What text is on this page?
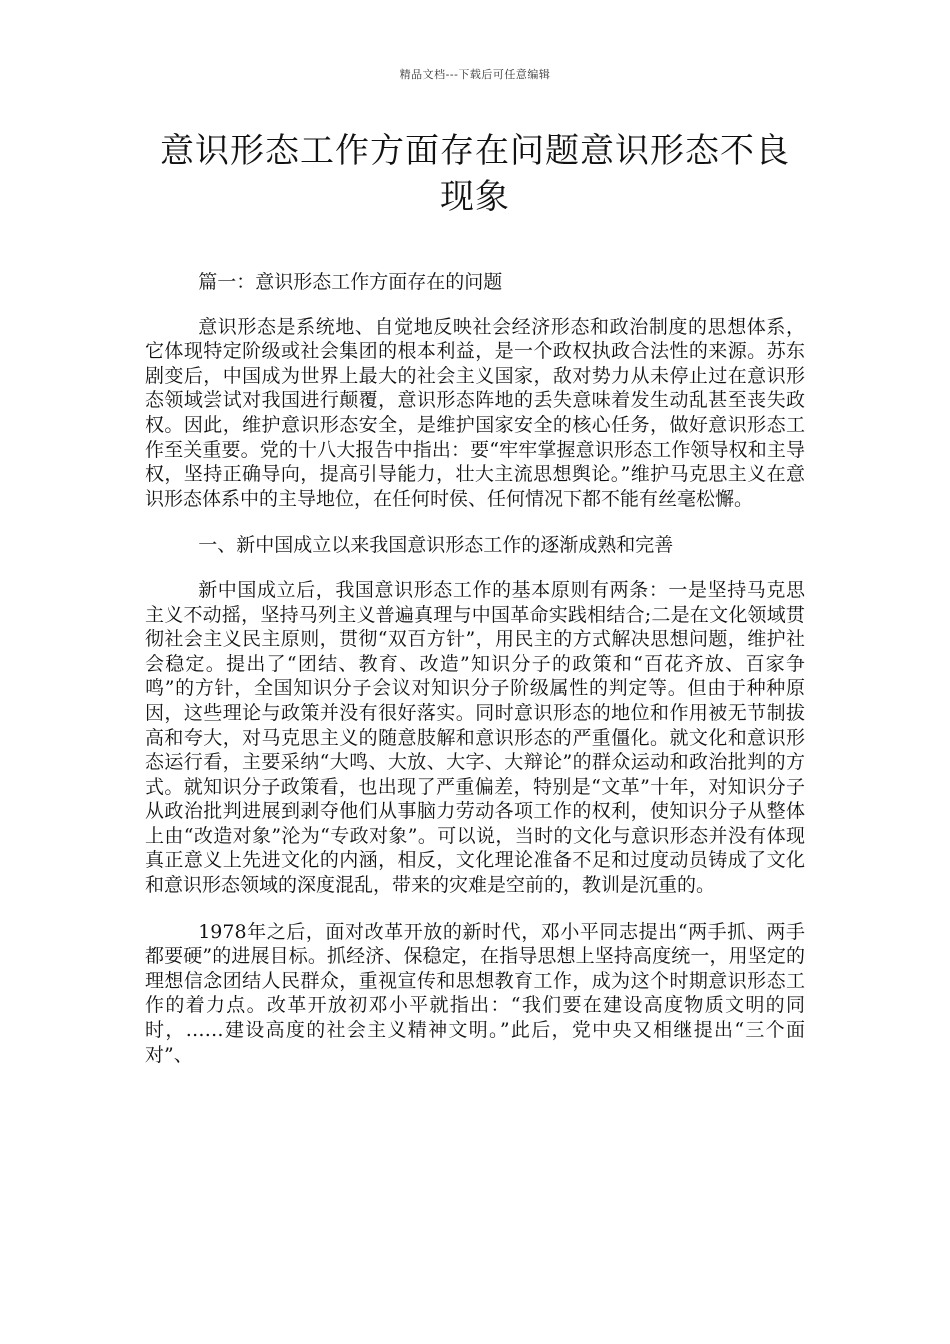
精品文档---下载后可任意编辑
意识形态工作方面存在问题意识形态不良现象

篇一：意识形态工作方面存在的问题

意识形态是系统地、自觉地反映社会经济形态和政治制度的思想体系，它体现特定阶级或社会集团的根本利益，是一个政权执政合法性的来源。苏东剧变后，中国成为世界上最大的社会主义国家，敌对势力从未停止过在意识形态领域尝试对我国进行颠覆，意识形态阵地的丢失意味着发生动乱甚至丧失政权。因此，维护意识形态安全，是维护国家安全的核心任务，做好意识形态工作至关重要。党的十八大报告中指出：要“牢牢掌握意识形态工作领导权和主导权，坚持正确导向，提高引导能力，壮大主流思想舆论。”维护马克思主义在意识形态体系中的主导地位，在任何时侯、任何情况下都不能有丝毫松懈。

一、新中国成立以来我国意识形态工作的逐渐成熟和完善

新中国成立后，我国意识形态工作的基本原则有两条：一是坚持马克思主义不动摇，坚持马列主义普遍真理与中国革命实践相结合;二是在文化领域贯彻社会主义民主原则，贯彻“双百方针”，用民主的方式解决思想问题，维护社会稳定。提出了“团结、教育、改造”知识分子的政策和“百花齐放、百家争鸣”的方针，全国知识分子会议对知识分子阶级属性的判定等。但由于种种原因，这些理论与政策并没有很好落实。同时意识形态的地位和作用被无节制拔高和夸大，对马克思主义的随意肢解和意识形态的严重僵化。就文化和意识形态运行看，主要采纳“大鸣、大放、大字、大辩论”的群众运动和政治批判的方式。就知识分子政策看，也出现了严重偏差，特别是“文革”十年，对知识分子从政治批判进展到剥夺他们从事脑力劳动各项工作的权利，使知识分子从整体上由“改造对象”沦为“专政对象”。可以说，当时的文化与意识形态并没有体现真正意义上先进文化的内涵，相反，文化理论准备不足和过度动员铸成了文化和意识形态领域的深度混乱，带来的灾难是空前的，教训是沉重的。

1978年之后，面对改革开放的新时代，邓小平同志提出“两手抓、两手都要硬”的进展目标。抓经济、保稳定，在指导思想上坚持高度统一，用坚定的理想信念团结人民群众，重视宣传和思想教育工作，成为这个时期意识形态工作的着力点。改革开放初邓小平就指出：“我们要在建设高度物质文明的同时，……建设高度的社会主义精神文明。”此后，党中央又相继提出“三个面对”、
